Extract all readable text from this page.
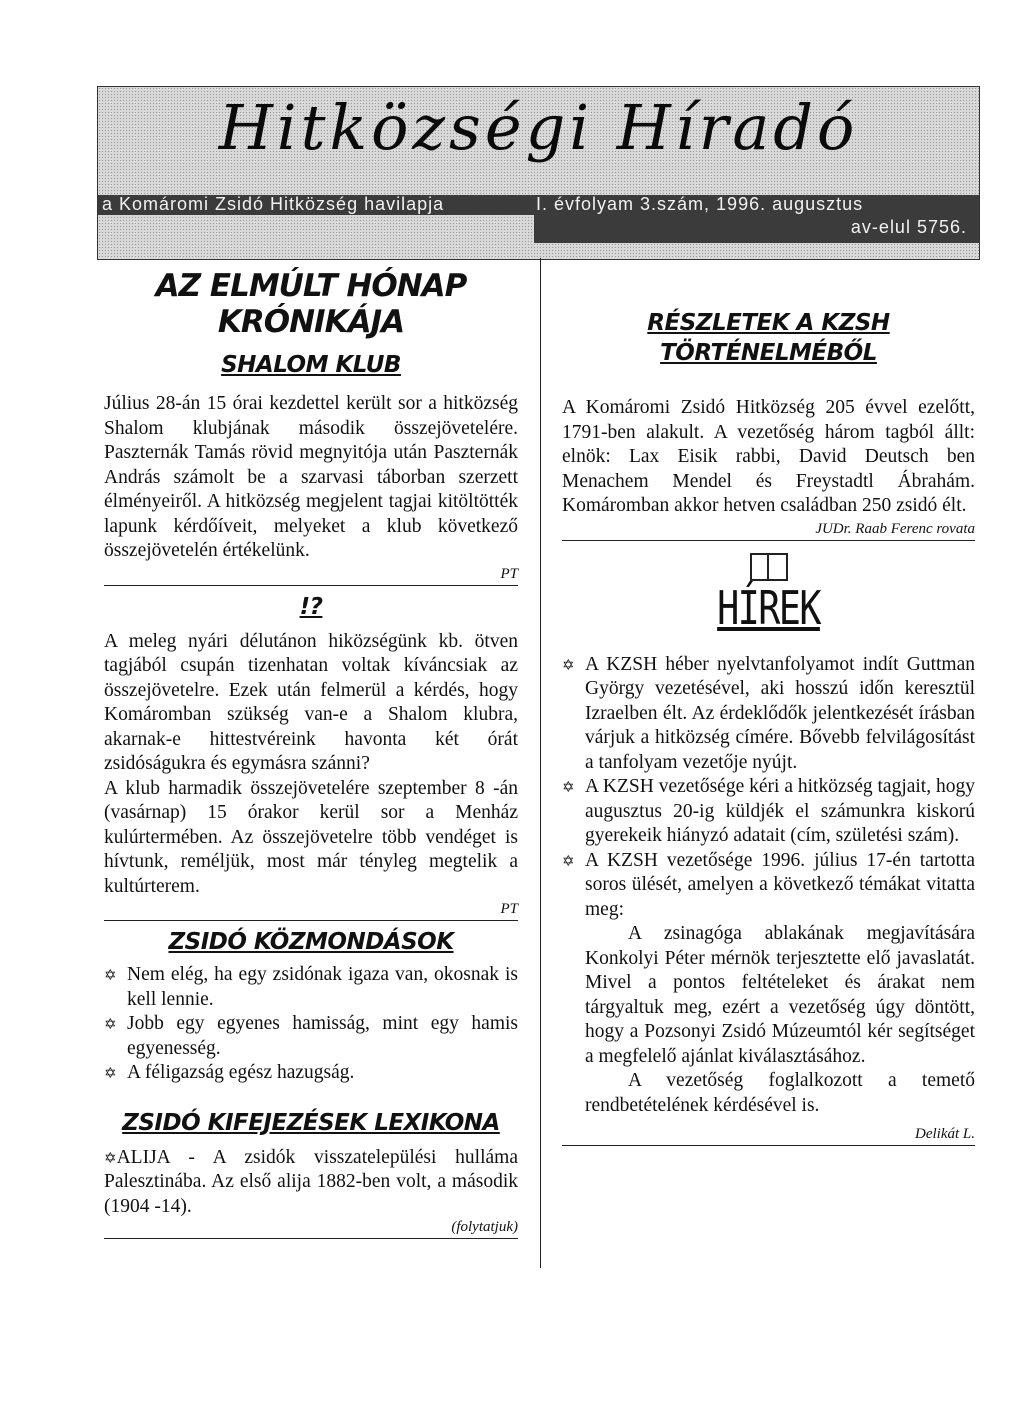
Hitközségi Híradó
a Komáromi Zsidó Hitközség havilapja	I. évfolyam 3.szám, 1996. augusztus
av-elul 5756.

AZ ELMÚLT HÓNAP KRÓNIKÁJA

SHALOM KLUB

Július 28-án 15 órai kezdettel került sor a hitközség Shalom klubjának második összejövetelére. Paszternák Tamás rövid megnyitója után Paszternák András számolt be a szarvasi táborban szerzett élményeiről. A hitközség megjelent tagjai kitöltötték lapunk kérdőíveit, melyeket a klub következő összejövetelén értékelünk.

PT

!?

A meleg nyári délutánon hiközségünk kb. ötven tagjából csupán tizenhatan voltak kíváncsiak az összejövetelre. Ezek után felmerül a kérdés, hogy Komáromban szükség van-e a Shalom klubra, akarnak-e hittestvéreink havonta két órát zsidóságukra és egymásra szánni?

A klub harmadik összejövetelére szeptember 8 -án (vasárnap) 15 órakor kerül sor a Menház kulúrtermében. Az összejövetelre több vendéget is hívtunk, reméljük, most már tényleg megtelik a kultúrterem.

PT

ZSIDÓ KÖZMONDÁSOK

✡ Nem elég, ha egy zsidónak igaza van, okosnak is kell lennie.

✡ Jobb egy egyenes hamisság, mint egy hamis egyenesség.

✡ A féligazság egész hazugság.

ZSIDÓ KIFEJEZÉSEK LEXIKONA

✡ALIJA - A zsidók visszatelepülési hulláma Palesztinába. Az első alija 1882-ben volt, a második (1904 -14).

(folytatjuk)

RÉSZLETEK A KZSH

TÖRTÉNELMÉBŐL

A Komáromi Zsidó Hitközség 205 évvel ezelőtt, 1791-ben alakult. A vezetőség három tagból állt: elnök: Lax Eisik rabbi, David Deutsch ben Menachem Mendel és Freystadtl Ábrahám. Komáromban akkor hetven családban 250 zsidó élt.

JUDr. Raab Ferenc rovata

HÍREK

✡ A KZSH héber nyelvtanfolyamot indít Guttman György vezetésével, aki hosszú időn keresztül Izraelben élt. Az érdeklődők jelentkezését írásban várjuk a hitközség címére. Bővebb felvilágosítást a tanfolyam vezetője nyújt.

✡ A KZSH vezetősége kéri a hitközség tagjait, hogy augusztus 20-ig küldjék el számunkra kiskorú gyerekeik hiányzó adatait (cím, születési szám).

✡ A KZSH vezetősége 1996. július 17-én tartotta soros ülését, amelyen a következő témákat vitatta meg:

A zsinagóga ablakának megjavítására Konkolyi Péter mérnök terjesztette elő javaslatát. Mivel a pontos feltételeket és árakat nem tárgyaltuk meg, ezért a vezetőség úgy döntött, hogy a Pozsonyi Zsidó Múzeumtól kér segítséget a megfelelő ajánlat kiválasztásához.

A vezetőség foglalkozott a temető rendbetételének kérdésével is.

Delikát L.
